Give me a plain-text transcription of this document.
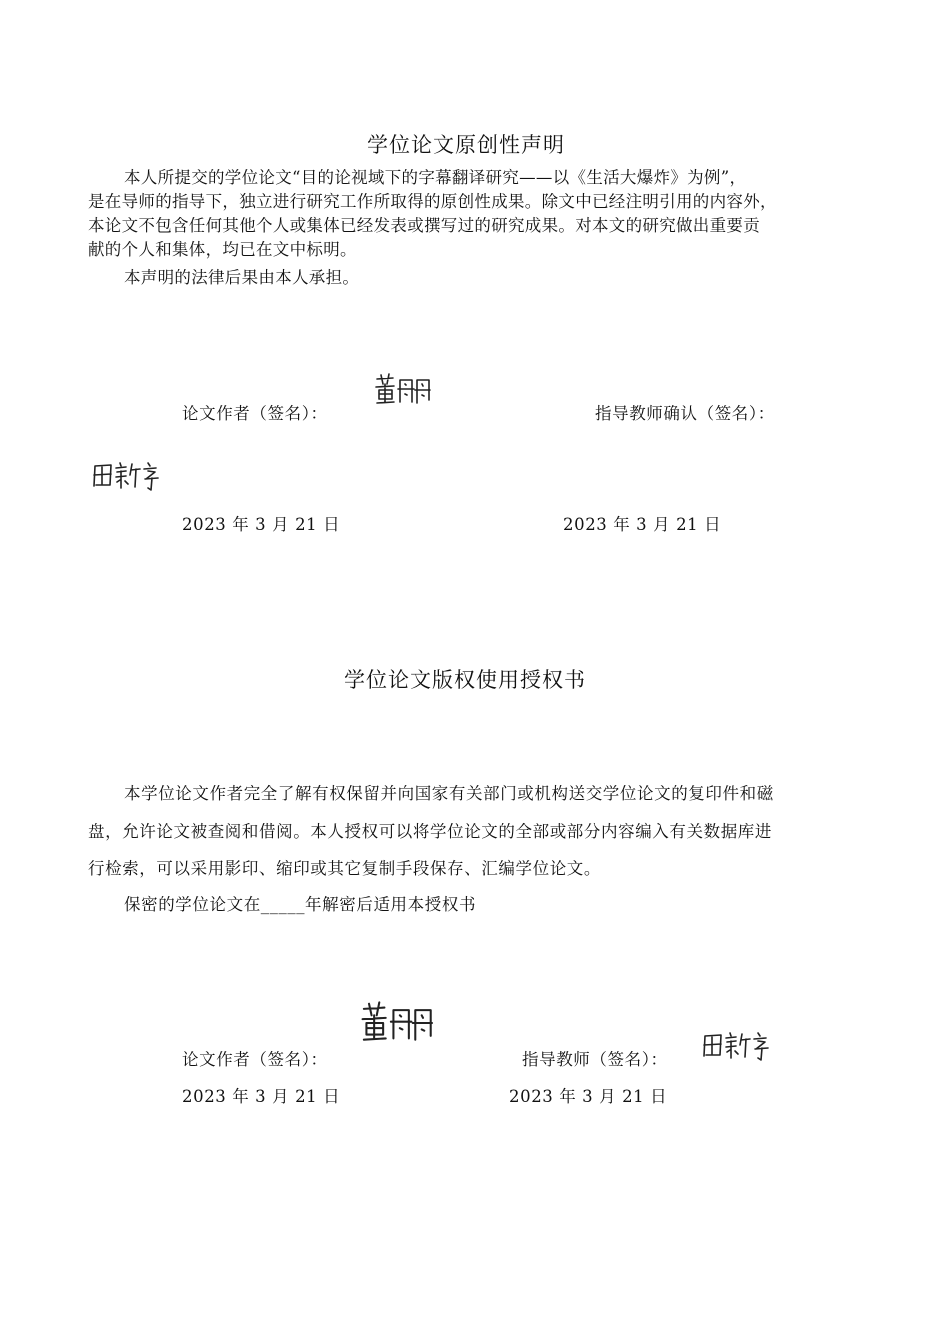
学位论文原创性声明
本人所提交的学位论文“目的论视域下的字幕翻译研究——以《生活大爆炸》为例”，
是在导师的指导下，独立进行研究工作所取得的原创性成果。除文中已经注明引用的内容外，
本论文不包含任何其他个人或集体已经发表或撰写过的研究成果。对本文的研究做出重要贡
献的个人和集体，均已在文中标明。
本声明的法律后果由本人承担。
论文作者（签名）：	指导教师确认（签名）：
2023 年 3 月 21 日	2023 年 3 月 21 日
学位论文版权使用授权书
本学位论文作者完全了解有权保留并向国家有关部门或机构送交学位论文的复印件和磁
盘，允许论文被查阅和借阅。本人授权可以将学位论文的全部或部分内容编入有关数据库进
行检索，可以采用影印、缩印或其它复制手段保存、汇编学位论文。
保密的学位论文在_____年解密后适用本授权书
论文作者（签名）：	指导教师（签名）：
2023 年 3 月 21 日	2023 年 3 月 21 日
